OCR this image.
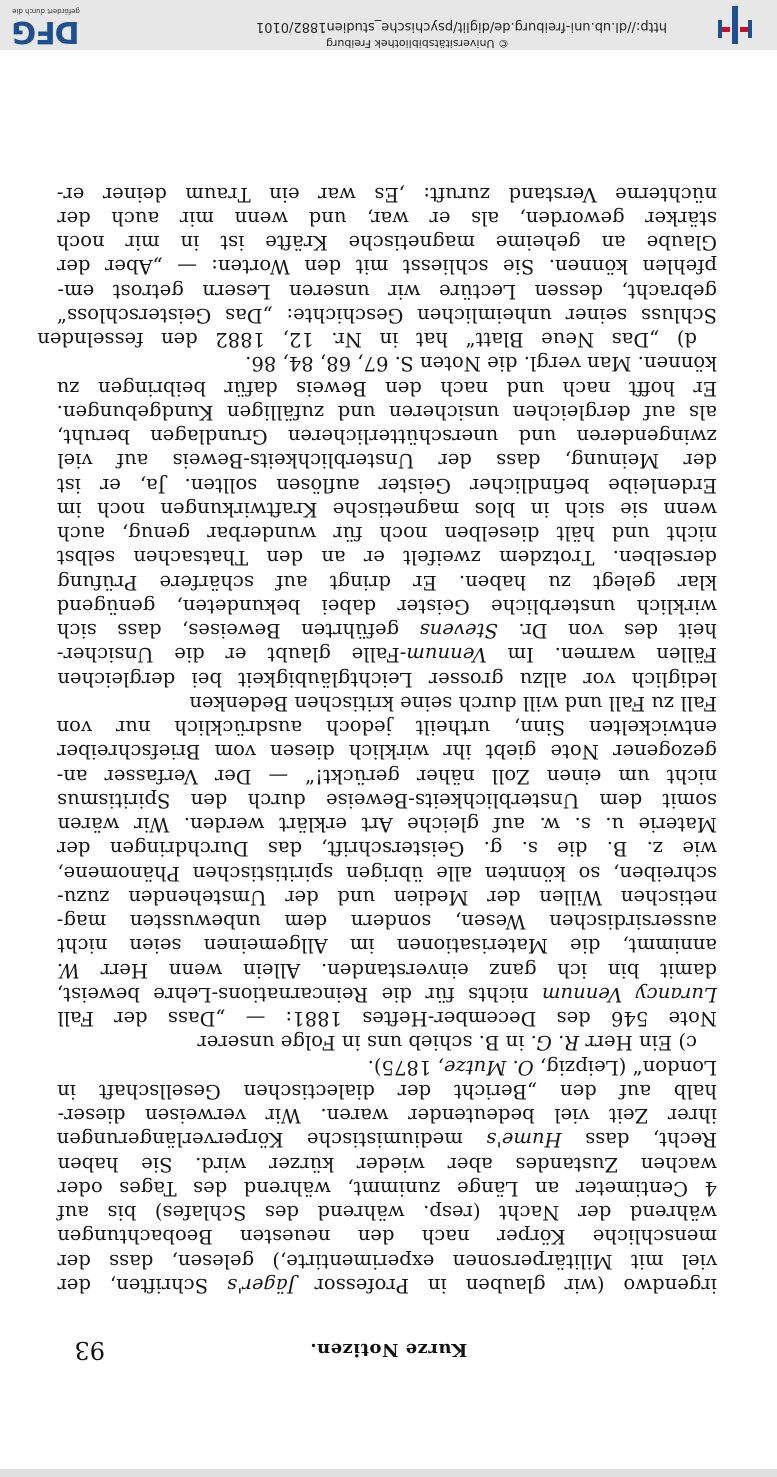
Kurze Notizen.
93
irgendwo (wir glauben in Professor Jäger's Schriften, der
viel mit Militärpersonen experimentirte,) gelesen, dass der
menschliche Körper nach den neuesten Beobachtungen
während der Nacht (resp. während des Schlafes) bis auf
4 Centimeter an Länge zunimmt, während des Tages oder
wachen Zustandes aber wieder kürzer wird. Sie haben
Recht, dass Hume's mediumistische Körperverlängerungen
ihrer Zeit viel bedeutender waren. Wir verweisen dieser-
halb auf den „Bericht der dialectischen Gesellschaft in
London“ (Leipzig, O. Mutze, 1875).
c) Ein Herr R. G. in B. schieb uns in Folge unserer
Note 546 des December-Heftes 1881: — „Dass der Fall
Lurancy Vennum nichts für die Reincarnations-Lehre beweist,
damit bin ich ganz einverstanden. Allein wenn Herr W.
annimmt, die Materisationen im Allgemeinen seien nicht
aussersirdischen Wesen, sondern dem unbewussten mag-
netischen Willen der Medien und der Umstehenden zuzu-
schreiben, so könnten alle übrigen spiritistischen Phänomene,
wie z. B. die s. g. Geisterschrift, das Durchdringen der
Materie u. s. w. auf gleiche Art erklärt werden. Wir wären
somit dem Unsterblichkeits-Beweise durch den Spiritismus
nicht um einen Zoll näher gerückt!“ — Der Verfasser an-
gezogener Note giebt ihr wirklich diesen vom Briefschreiber
entwickelten Sinn, urtheilt jedoch ausdrücklich nur von
Fall zu Fall und will durch seine kritischen Bedenken
lediglich vor allzu grosser Leichtgläubigkeit bei dergleichen
Fällen warnen. Im Vennum-Falle glaubt er die Unsicher-
heit des von Dr. Stevens geführten Beweises, dass sich
wirklich unsterbliche Geister dabei bekundeten, genügend
klar gelegt zu haben. Er dringt auf schärfere Prüfung
derselben. Trotzdem zweifelt er an den Thatsachen selbst
nicht und hält dieselben noch für wunderbar genug, auch
wenn sie sich in blos magnetische Kraftwirkungen noch im
Erdenleibe befindlicher Geister auflösen sollten. Ja, er ist
der Meinung, dass der Unsterblichkeits-Beweis auf viel
zwingenderen und unerschütterlicheren Grundlagen beruht,
als auf dergleichen unsicheren und zufälligen Kundgebungen.
Er hofft nach und nach den Beweis dafür beibringen zu
können. Man vergl. die Noten S. 67, 68, 84, 86.
d) „Das Neue Blatt“ hat in Nr. 12, 1882 den fesselnden
Schluss seiner unheimlichen Geschichte: „Das Geisterschloss“
gebracht, dessen Lectüre wir unseren Lesern getrost em-
pfehlen können. Sie schliesst mit den Worten: — „Aber der
Glaube an geheime magnetische Kräfte ist in mir noch
stärker geworden, als er war, und wenn mir auch der
nüchterne Verstand zuruft: ‚Es war ein Traum deiner er-
http://dl.ub.uni-freiburg.de/diglit/psychische_studien1882/0101
© Universitätsbibliothek Freiburg
DFG
gefördert durch die
